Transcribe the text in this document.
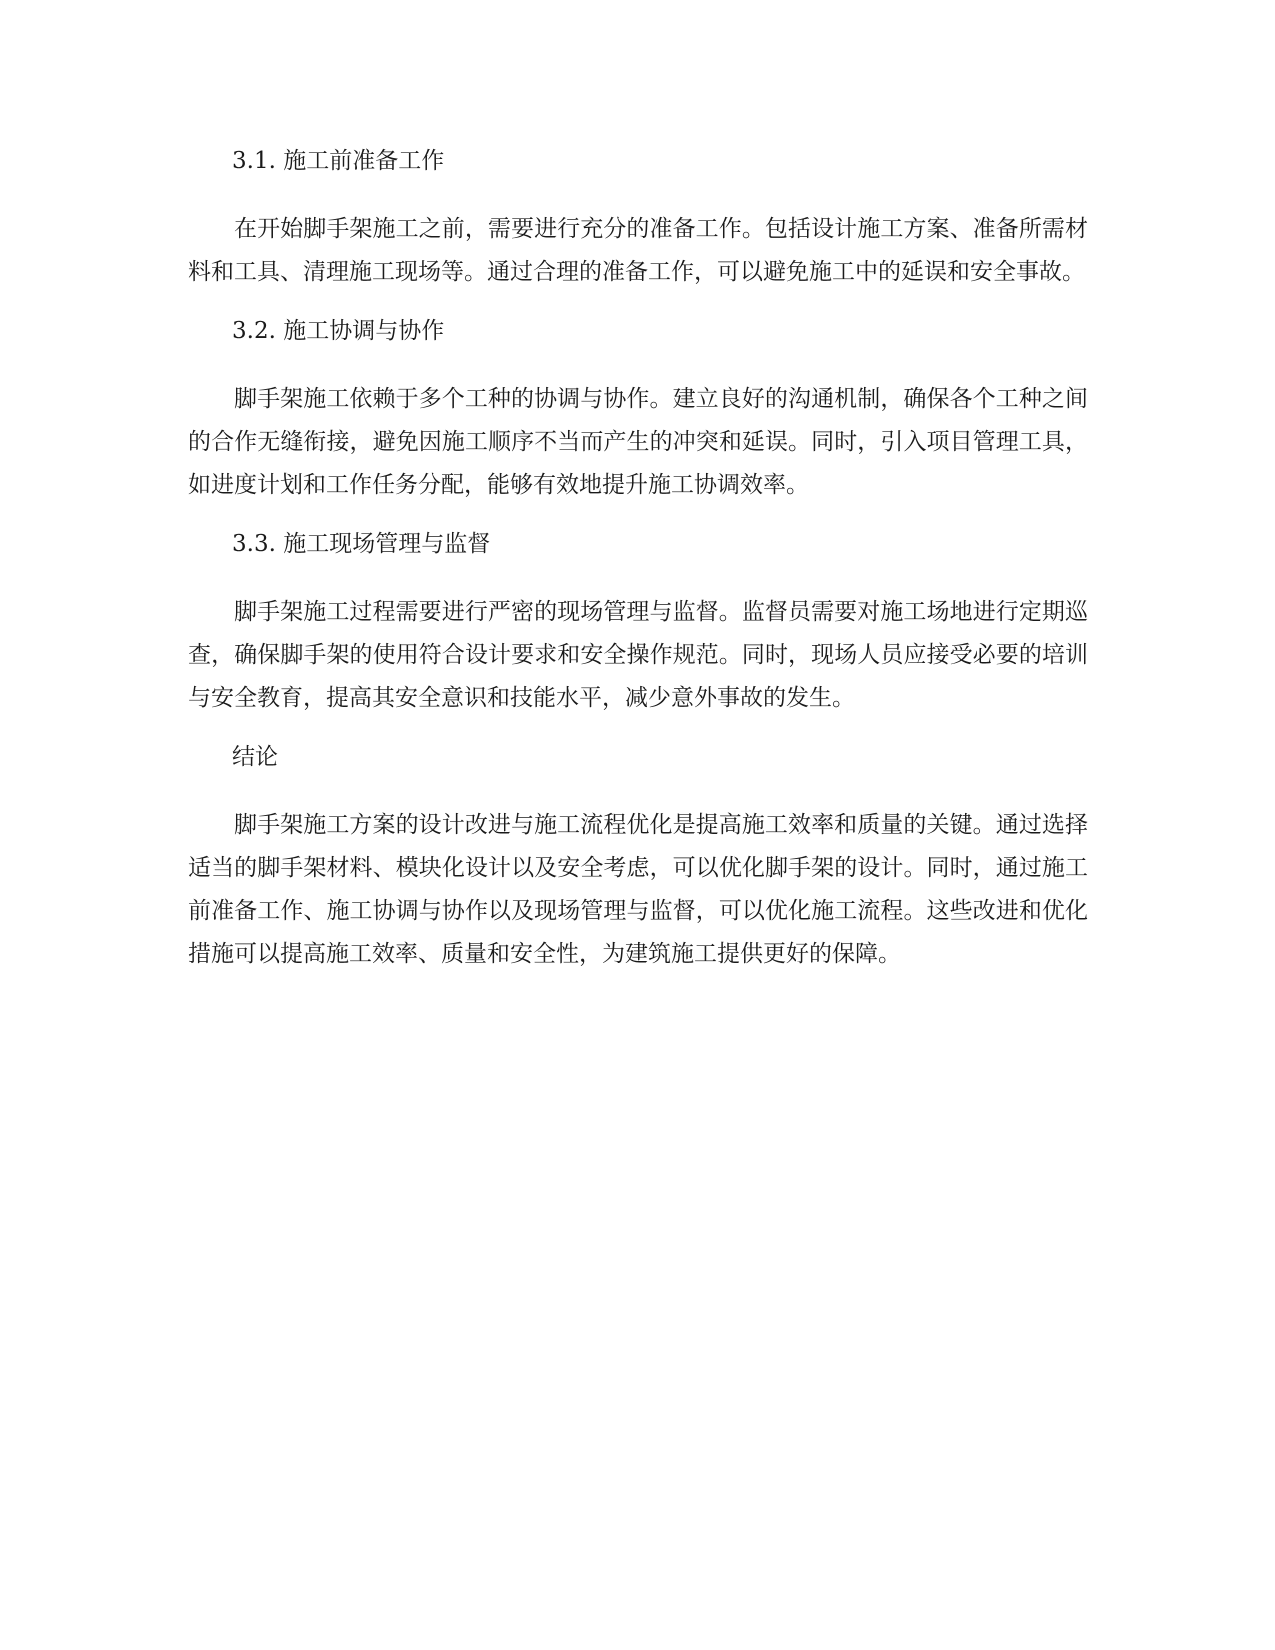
3.1. 施工前准备工作

在开始脚手架施工之前，需要进行充分的准备工作。包括设计施工方案、准备所需材料和工具、清理施工现场等。通过合理的准备工作，可以避免施工中的延误和安全事故。

3.2. 施工协调与协作

脚手架施工依赖于多个工种的协调与协作。建立良好的沟通机制，确保各个工种之间的合作无缝衔接，避免因施工顺序不当而产生的冲突和延误。同时，引入项目管理工具，如进度计划和工作任务分配，能够有效地提升施工协调效率。

3.3. 施工现场管理与监督

脚手架施工过程需要进行严密的现场管理与监督。监督员需要对施工场地进行定期巡查，确保脚手架的使用符合设计要求和安全操作规范。同时，现场人员应接受必要的培训与安全教育，提高其安全意识和技能水平，减少意外事故的发生。

结论

脚手架施工方案的设计改进与施工流程优化是提高施工效率和质量的关键。通过选择适当的脚手架材料、模块化设计以及安全考虑，可以优化脚手架的设计。同时，通过施工前准备工作、施工协调与协作以及现场管理与监督，可以优化施工流程。这些改进和优化措施可以提高施工效率、质量和安全性，为建筑施工提供更好的保障。
